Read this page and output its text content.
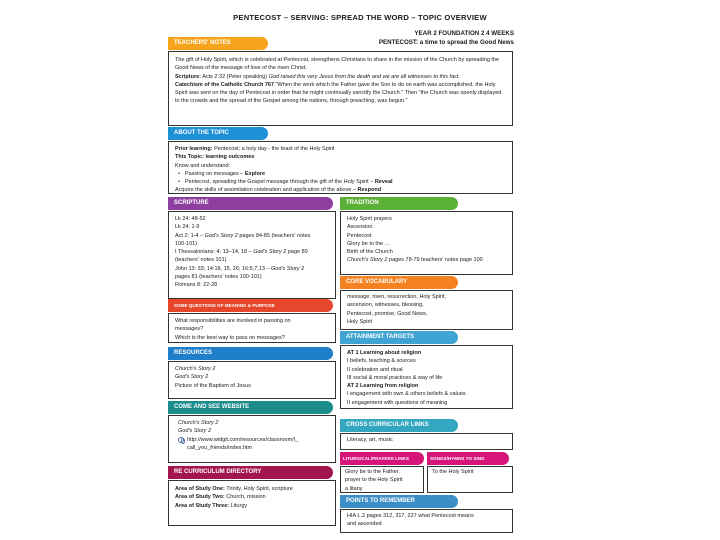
PENTECOST – SERVING: SPREAD THE WORD – TOPIC OVERVIEW
YEAR 2 FOUNDATION 2 4 WEEKS
PENTECOST: a time to spread the Good News
TEACHERS' NOTES

The gift of Holy Spirit, which is celebrated at Pentecost, strengthens Christians to share in the mission of the Church by spreading the Good News of the message of love of the risen Christ.

Scripture: Acts 2:32 (Peter speaking) God raised this very Jesus from the death and we are all witnesses to this fact.

Catechism of the Catholic Church 767 "When the work which the Father gave the Son to do on earth was accomplished, the Holy Spirit was sent on the day of Pentecost in order that he might continually sanctify the Church." Then "the Church was openly displayed to the crowds and the spread of the Gospel among the nations, through preaching, was begun."

ABOUT THE TOPIC

Prior learning: Pentecost; a holy day - the feast of the Holy Spirit

This Topic: learning outcomes

Know and understand:

• Passing on messages – Explore
• Pentecost, spreading the Gospel message through the gift of the Holy Spirit – Reveal

Acquire the skills of assimilation celebration and application of the above – Respond

SCRIPTURE
Lk 24: 48-52
Lk 24: 1-9
Act 2: 1-4 – God's Story 2 pages 84-85 (teachers' notes
100-101)
I Thessalonians: 4: 13–14, 18 – God's Story 2 page 89
(teachers' notes 101)
John 13: 33; 14:18, 15, 26; 16:5,7,13 – God's Story 2
pages 81 (teachers' notes 100-101)
Romans 8: 22-28
TRADITION
Holy Spirit prayers
Ascension
Pentecost
Glory be to the …
Birth of the Church
Church's Story 2 pages 78-79 teachers' notes page 100
CORE VOCABULARY
message, risen, resurrection, Holy Spirit,
ascension, witnesses, blessing,
Pentecost, promise, Good News,
Holy Spirit
SOME QUESTIONS OF MEANING & PURPOSE
What responsibilities are involved in passing on
messages?
Which is the best way to pass on messages?	ATTAINMENT TARGETS
AT 1 Learning about religion
I beliefs, teaching & sources
II celebration and ritual
III social & moral practices & way of life
AT 2 Learning from religion
I engagement with own & others beliefs & values
II engagement with questions of meaning
RESOURCES
Church's Story 2
God's Story 2
Picture of the Baptism of Jesus
COME AND SEE WEBSITE
Church's Story 2
God's Story 2
http://www.widgit.com/resources/classroom/l_
call_you_friends/index.htm
CROSS CURRICULAR LINKS
Literacy, art, music
RE CURRICULUM DIRECTORY
Area of Study One: Trinity, Holy Spirit, scripture
Area of Study Two: Church, mission
Area of Study Three: Liturgy
LITURGICAL/PRAYERS LINKS
Glory be to the Father.
prayer to the Holy Spirit
a litany
SONGS/HYMNS TO SING
To the Holy Spirit
POINTS TO REMEMBER
HIA L.2 pages 312, 317, 227 what Pentecost means
and ascended
